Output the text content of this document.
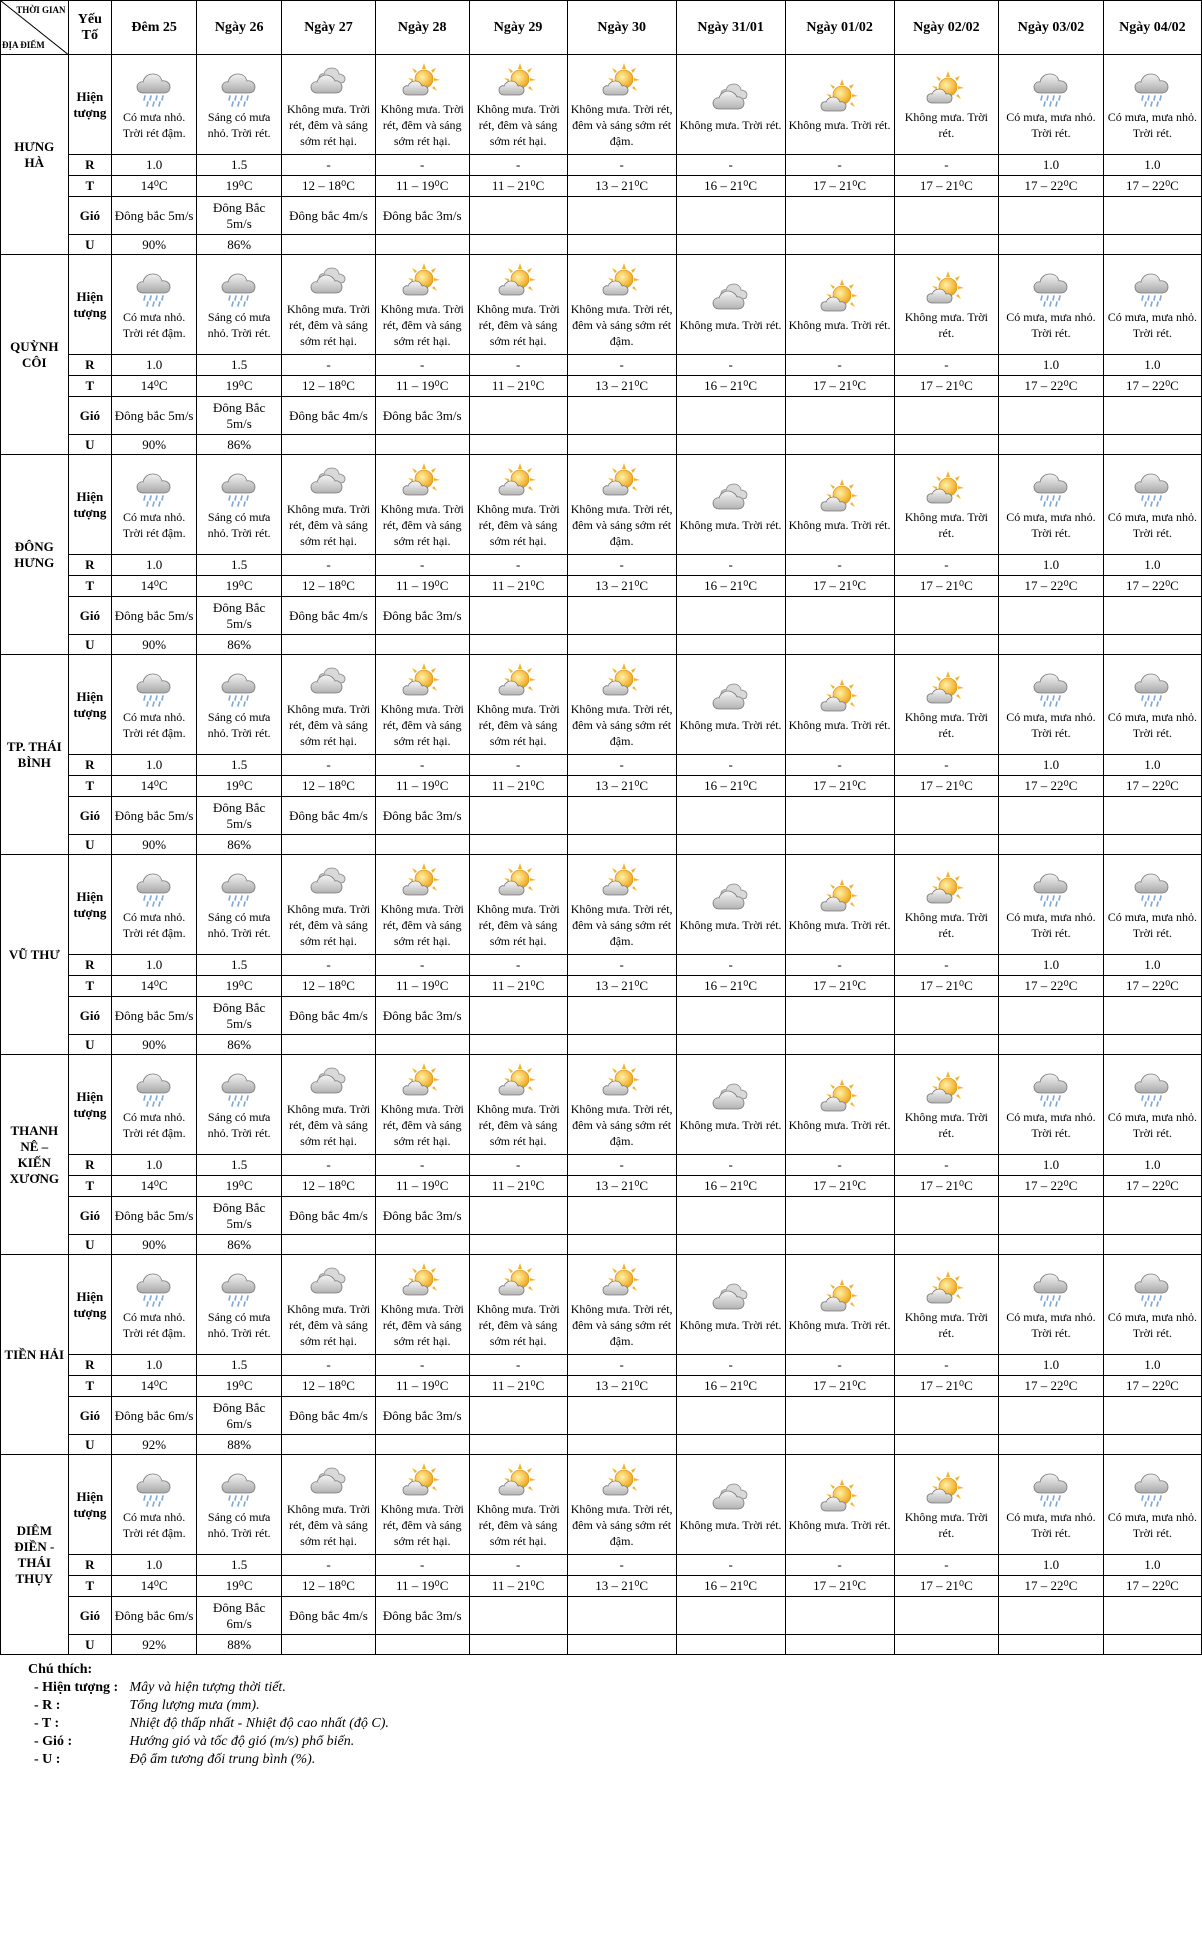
THỜI GIAN
ĐỊA ĐIỂM	Yếu Tố	Đêm 25	Ngày 26	Ngày 27	Ngày 28	Ngày 29	Ngày 30	Ngày 31/01	Ngày 01/02	Ngày 02/02	Ngày 03/02	Ngày 04/02
HƯNG HÀ	Hiện tượng	Có mưa nhỏ. Trời rét đậm.	Sáng có mưa nhỏ. Trời rét.	Không mưa. Trời rét, đêm và sáng sớm rét hại.	Không mưa. Trời rét, đêm và sáng sớm rét hại.	Không mưa. Trời rét, đêm và sáng sớm rét hại.	Không mưa. Trời rét, đêm và sáng sớm rét đậm.	Không mưa. Trời rét.	Không mưa. Trời rét.	Không mưa. Trời rét.	Có mưa, mưa nhỏ. Trời rét.	Có mưa, mưa nhỏ. Trời rét.

	R	1.0	1.5	-	-	-	-	-	-	-	1.0	1.0
	T	14⁰C	19⁰C	12 – 18⁰C	11 – 19⁰C	11 – 21⁰C	13 – 21⁰C	16 – 21⁰C	17 – 21⁰C	17 – 21⁰C	17 – 22⁰C	17 – 22⁰C
	Gió	Đông bắc 5m/s	Đông Bắc 5m/s	Đông bắc 4m/s	Đông bắc 3m/s							
	U	90%	86%									
QUỲNH CÔI	Hiện tượng	Có mưa nhỏ. Trời rét đậm.	Sáng có mưa nhỏ. Trời rét.	Không mưa. Trời rét, đêm và sáng sớm rét hại.	Không mưa. Trời rét, đêm và sáng sớm rét hại.	Không mưa. Trời rét, đêm và sáng sớm rét hại.	Không mưa. Trời rét, đêm và sáng sớm rét đậm.	Không mưa. Trời rét.	Không mưa. Trời rét.	Không mưa. Trời rét.	Có mưa, mưa nhỏ. Trời rét.	Có mưa, mưa nhỏ. Trời rét.

	R	1.0	1.5	-	-	-	-	-	-	-	1.0	1.0
	T	14⁰C	19⁰C	12 – 18⁰C	11 – 19⁰C	11 – 21⁰C	13 – 21⁰C	16 – 21⁰C	17 – 21⁰C	17 – 21⁰C	17 – 22⁰C	17 – 22⁰C
	Gió	Đông bắc 5m/s	Đông Bắc 5m/s	Đông bắc 4m/s	Đông bắc 3m/s							
	U	90%	86%									
ĐÔNG HƯNG	Hiện tượng	Có mưa nhỏ. Trời rét đậm.	Sáng có mưa nhỏ. Trời rét.	Không mưa. Trời rét, đêm và sáng sớm rét hại.	Không mưa. Trời rét, đêm và sáng sớm rét hại.	Không mưa. Trời rét, đêm và sáng sớm rét hại.	Không mưa. Trời rét, đêm và sáng sớm rét đậm.	Không mưa. Trời rét.	Không mưa. Trời rét.	Không mưa. Trời rét.	Có mưa, mưa nhỏ. Trời rét.	Có mưa, mưa nhỏ. Trời rét.

	R	1.0	1.5	-	-	-	-	-	-	-	1.0	1.0
	T	14⁰C	19⁰C	12 – 18⁰C	11 – 19⁰C	11 – 21⁰C	13 – 21⁰C	16 – 21⁰C	17 – 21⁰C	17 – 21⁰C	17 – 22⁰C	17 – 22⁰C
	Gió	Đông bắc 5m/s	Đông Bắc 5m/s	Đông bắc 4m/s	Đông bắc 3m/s							
	U	90%	86%									
TP. THÁI BÌNH	Hiện tượng	Có mưa nhỏ. Trời rét đậm.	Sáng có mưa nhỏ. Trời rét.	Không mưa. Trời rét, đêm và sáng sớm rét hại.	Không mưa. Trời rét, đêm và sáng sớm rét hại.	Không mưa. Trời rét, đêm và sáng sớm rét hại.	Không mưa. Trời rét, đêm và sáng sớm rét đậm.	Không mưa. Trời rét.	Không mưa. Trời rét.	Không mưa. Trời rét.	Có mưa, mưa nhỏ. Trời rét.	Có mưa, mưa nhỏ. Trời rét.

	R	1.0	1.5	-	-	-	-	-	-	-	1.0	1.0
	T	14⁰C	19⁰C	12 – 18⁰C	11 – 19⁰C	11 – 21⁰C	13 – 21⁰C	16 – 21⁰C	17 – 21⁰C	17 – 21⁰C	17 – 22⁰C	17 – 22⁰C
	Gió	Đông bắc 5m/s	Đông Bắc 5m/s	Đông bắc 4m/s	Đông bắc 3m/s							
	U	90%	86%									
VŨ THƯ	Hiện tượng	Có mưa nhỏ. Trời rét đậm.	Sáng có mưa nhỏ. Trời rét.	Không mưa. Trời rét, đêm và sáng sớm rét hại.	Không mưa. Trời rét, đêm và sáng sớm rét hại.	Không mưa. Trời rét, đêm và sáng sớm rét hại.	Không mưa. Trời rét, đêm và sáng sớm rét đậm.	Không mưa. Trời rét.	Không mưa. Trời rét.	Không mưa. Trời rét.	Có mưa, mưa nhỏ. Trời rét.	Có mưa, mưa nhỏ. Trời rét.

	R	1.0	1.5	-	-	-	-	-	-	-	1.0	1.0
	T	14⁰C	19⁰C	12 – 18⁰C	11 – 19⁰C	11 – 21⁰C	13 – 21⁰C	16 – 21⁰C	17 – 21⁰C	17 – 21⁰C	17 – 22⁰C	17 – 22⁰C
	Gió	Đông bắc 5m/s	Đông Bắc 5m/s	Đông bắc 4m/s	Đông bắc 3m/s							
	U	90%	86%									
THANH NÊ – KIẾN XƯƠNG	Hiện tượng	Có mưa nhỏ. Trời rét đậm.	Sáng có mưa nhỏ. Trời rét.	Không mưa. Trời rét, đêm và sáng sớm rét hại.	Không mưa. Trời rét, đêm và sáng sớm rét hại.	Không mưa. Trời rét, đêm và sáng sớm rét hại.	Không mưa. Trời rét, đêm và sáng sớm rét đậm.	Không mưa. Trời rét.	Không mưa. Trời rét.	Không mưa. Trời rét.	Có mưa, mưa nhỏ. Trời rét.	Có mưa, mưa nhỏ. Trời rét.

	R	1.0	1.5	-	-	-	-	-	-	-	1.0	1.0
	T	14⁰C	19⁰C	12 – 18⁰C	11 – 19⁰C	11 – 21⁰C	13 – 21⁰C	16 – 21⁰C	17 – 21⁰C	17 – 21⁰C	17 – 22⁰C	17 – 22⁰C
	Gió	Đông bắc 5m/s	Đông Bắc 5m/s	Đông bắc 4m/s	Đông bắc 3m/s							
	U	90%	86%									
TIỀN HẢI	Hiện tượng	Có mưa nhỏ. Trời rét đậm.	Sáng có mưa nhỏ. Trời rét.	Không mưa. Trời rét, đêm và sáng sớm rét hại.	Không mưa. Trời rét, đêm và sáng sớm rét hại.	Không mưa. Trời rét, đêm và sáng sớm rét hại.	Không mưa. Trời rét, đêm và sáng sớm rét đậm.	Không mưa. Trời rét.	Không mưa. Trời rét.	Không mưa. Trời rét.	Có mưa, mưa nhỏ. Trời rét.	Có mưa, mưa nhỏ. Trời rét.

	R	1.0	1.5	-	-	-	-	-	-	-	1.0	1.0
	T	14⁰C	19⁰C	12 – 18⁰C	11 – 19⁰C	11 – 21⁰C	13 – 21⁰C	16 – 21⁰C	17 – 21⁰C	17 – 21⁰C	17 – 22⁰C	17 – 22⁰C
	Gió	Đông bắc 6m/s	Đông Bắc 6m/s	Đông bắc 4m/s	Đông bắc 3m/s							
	U	92%	88%									
DIÊM ĐIỀN - THÁI THỤY	Hiện tượng	Có mưa nhỏ. Trời rét đậm.	Sáng có mưa nhỏ. Trời rét.	Không mưa. Trời rét, đêm và sáng sớm rét hại.	Không mưa. Trời rét, đêm và sáng sớm rét hại.	Không mưa. Trời rét, đêm và sáng sớm rét hại.	Không mưa. Trời rét, đêm và sáng sớm rét đậm.	Không mưa. Trời rét.	Không mưa. Trời rét.	Không mưa. Trời rét.	Có mưa, mưa nhỏ. Trời rét.	Có mưa, mưa nhỏ. Trời rét.

	R	1.0	1.5	-	-	-	-	-	-	-	1.0	1.0
	T	14⁰C	19⁰C	12 – 18⁰C	11 – 19⁰C	11 – 21⁰C	13 – 21⁰C	16 – 21⁰C	17 – 21⁰C	17 – 21⁰C	17 – 22⁰C	17 – 22⁰C
	Gió	Đông bắc 6m/s	Đông Bắc 6m/s	Đông bắc 4m/s	Đông bắc 3m/s							
	U	92%	88%									
Chú thích:
- Hiện tượng : Mây và hiện tượng thời tiết.
- R :	Tổng lượng mưa (mm).
- T :	Nhiệt độ thấp nhất - Nhiệt độ cao nhất (độ C).
- Gió :	Hướng gió và tốc độ gió (m/s) phổ biến.
- U :	Độ ẩm tương đối trung bình (%).
